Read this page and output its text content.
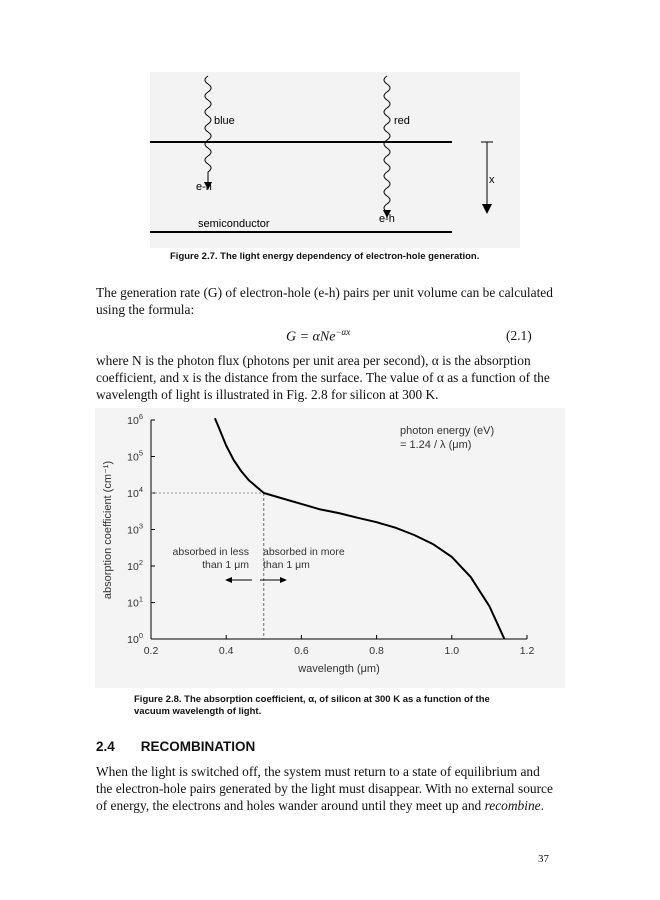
blue	red
e-h
e-h
x
semiconductor
Figure 2.7. The light energy dependency of electron-hole generation.
The generation rate (G) of electron-hole (e-h) pairs per unit volume can be calculated
using the formula:
G = αNe$^{-\alpha x}$	(2.1)
where N is the photon flux (photons per unit area per second), α is the absorption
coefficient, and x is the distance from the surface. The value of α as a function of the
wavelength of light is illustrated in Fig. 2.8 for silicon at 300 K.
0.2	0.4	0.6	0.8	1.0	1.2
$10^0$
$10^1$
$10^2$
$10^3$
$10^4$
$10^5$
$10^6$
wavelength (μm)
absorption coefficient (cm⁻¹)
photon energy (eV)
= 1.24 / λ (μm)
absorbed in less
than 1 μm
absorbed in more
than 1 μm
Figure 2.8. The absorption coefficient, α, of silicon at 300 K as a function of the
vacuum wavelength of light.
2.4 RECOMBINATION
When the light is switched off, the system must return to a state of equilibrium and
the electron-hole pairs generated by the light must disappear. With no external source
of energy, the electrons and holes wander around until they meet up and recombine.
37
